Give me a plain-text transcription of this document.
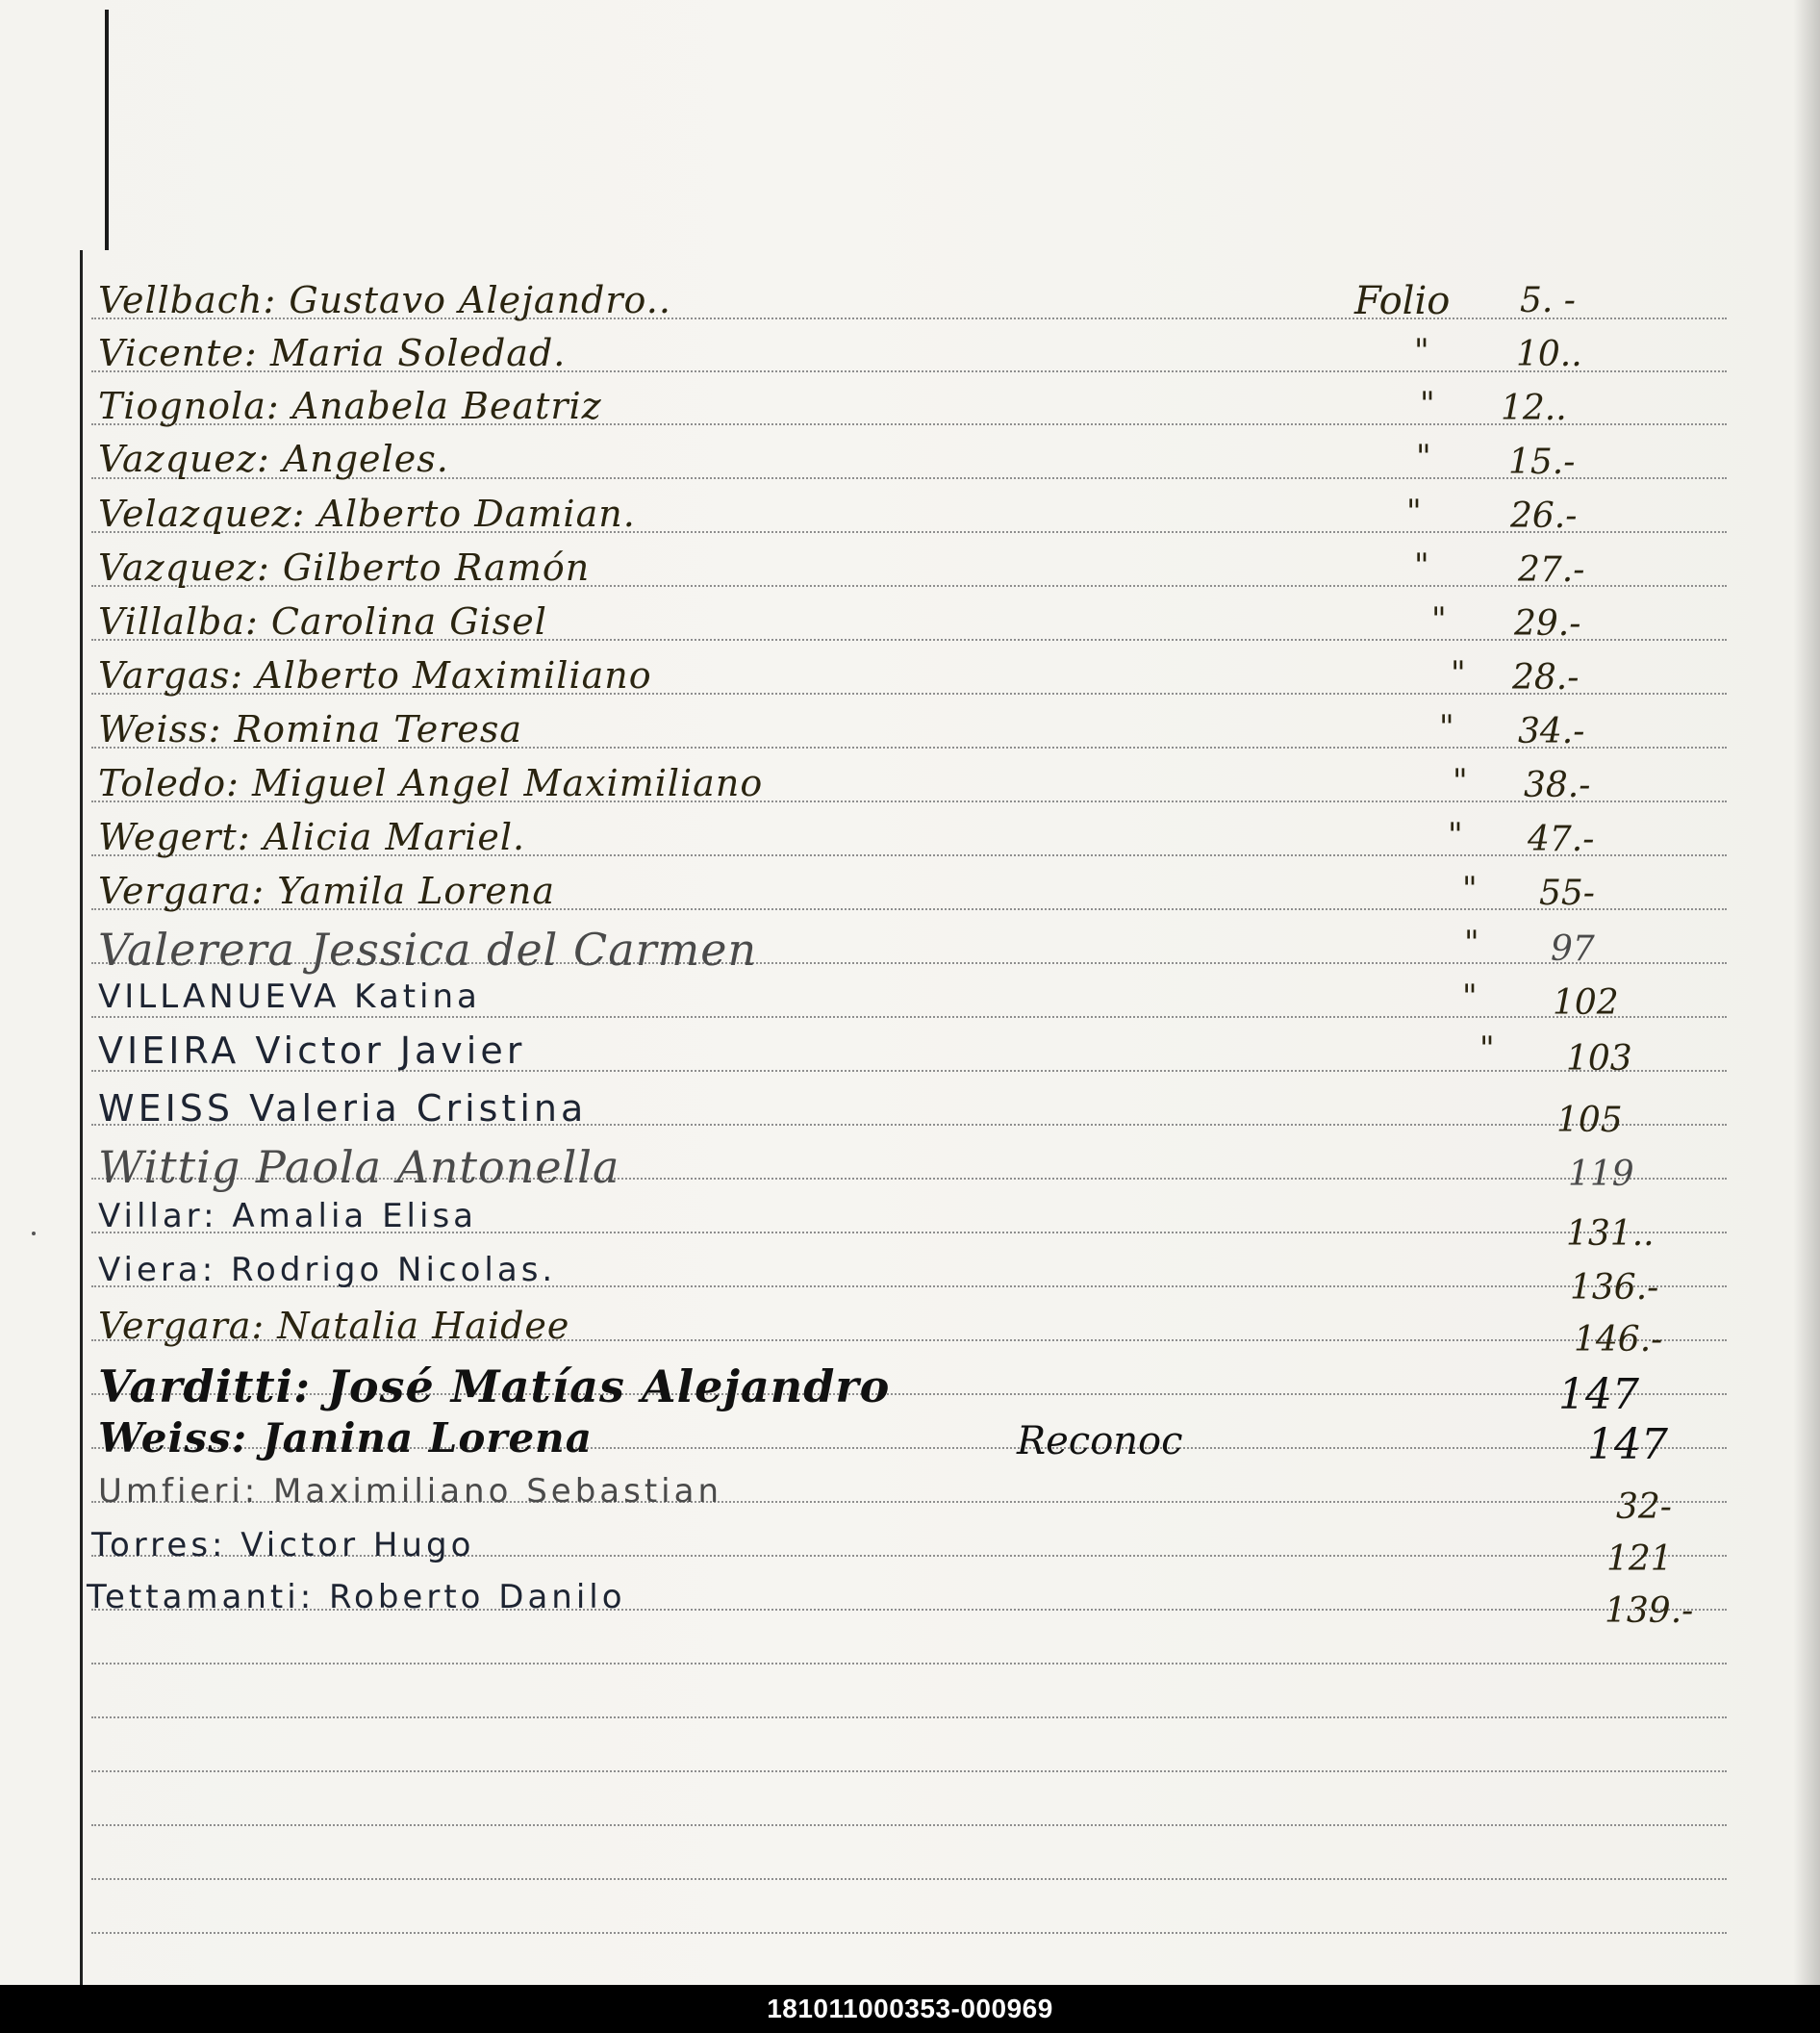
Folio
Vellbach: Gustavo Alejandro..
Vicente: Maria Soledad.
Tiognola: Anabela Beatriz
Vazquez: Angeles.
Velazquez: Alberto Damian.
Vazquez: Gilberto Ramón
Villalba: Carolina Gisel
Vargas: Alberto Maximiliano
Weiss: Romina Teresa
Toledo: Miguel Angel Maximiliano
Wegert: Alicia Mariel.
Vergara: Yamila Lorena
Valerera Jessica del Carmen
VILLANUEVA Katina
VIEIRA Victor Javier
WEISS Valeria Cristina
Wittig Paola Antonella
Villar: Amalia Elisa
Viera: Rodrigo Nicolas.
Vergara: Natalia Haidee
Varditti: José Matías Alejandro
Weiss: Janina Lorena
Umfieri: Maximiliano Sebastian
Torres: Victor Hugo
Tettamanti: Roberto Danilo
Reconoc
"
"
"
"
"
"
"
"
"
"
"
"
"
"
5. -
10..
12..
15.-
26.-
27.-
29.-
28.-
34.-
38.-
47.-
55-
97
102
103
105
119
131..
136.-
146.-
147
147
32-
121
139.-
181011000353-000969
